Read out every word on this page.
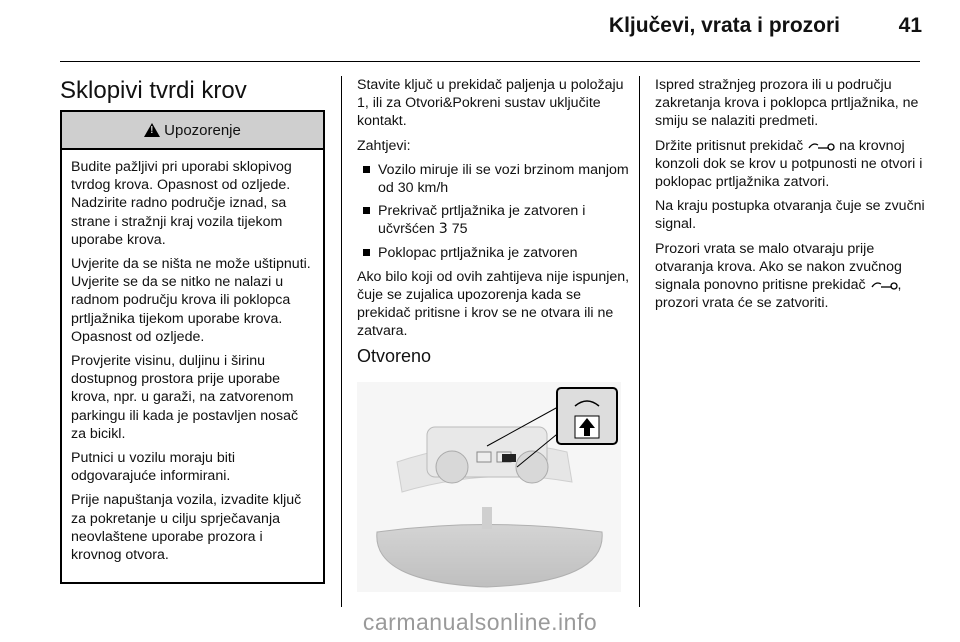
Ključevi, vrata i prozori	41
Sklopivi tvrdi krov
!
Upozorenje

Budite pažljivi pri uporabi sklopivog tvrdog krova. Opasnost od ozljede. Nadzirite radno područje iznad, sa strane i stražnji kraj vozila tijekom uporabe krova.

Uvjerite da se ništa ne može uštipnuti. Uvjerite se da se nitko ne nalazi u radnom području krova ili poklopca prtljažnika tijekom uporabe krova. Opasnost od ozljede.

Provjerite visinu, duljinu i širinu dostupnog prostora prije uporabe krova, npr. u garaži, na zatvorenom parkingu ili kada je postavljen nosač za bicikl.

Putnici u vozilu moraju biti odgovarajuće informirani.

Prije napuštanja vozila, izvadite ključ za pokretanje u cilju sprječavanja neovlaštene uporabe prozora i krovnog otvora.

Stavite ključ u prekidač paljenja u položaju 1, ili za Otvori&Pokreni sustav uključite kontakt.

Zahtjevi:

Vozilo miruje ili se vozi brzinom manjom od 30 km/h
Prekrivač prtljažnika je zatvoren i učvršćen 3 75
Poklopac prtljažnika je zatvoren

Ako bilo koji od ovih zahtijeva nije ispunjen, čuje se zujalica upozorenja kada se prekidač pritisne i krov se ne otvara ili ne zatvara.

Otvoreno

Ispred stražnjeg prozora ili u području zakretanja krova i poklopca prtljažnika, ne smiju se nalaziti predmeti.

Držite pritisnut prekidač	na krovnoj konzoli dok se krov u potpunosti ne otvori i poklopac prtljažnika zatvori.

Na kraju postupka otvaranja čuje se zvučni signal.

Prozori vrata se malo otvaraju prije otvaranja krova. Ako se nakon zvučnog signala ponovno pritisne prekidač , prozori vrata će se zatvoriti.

carmanualsonline.info
